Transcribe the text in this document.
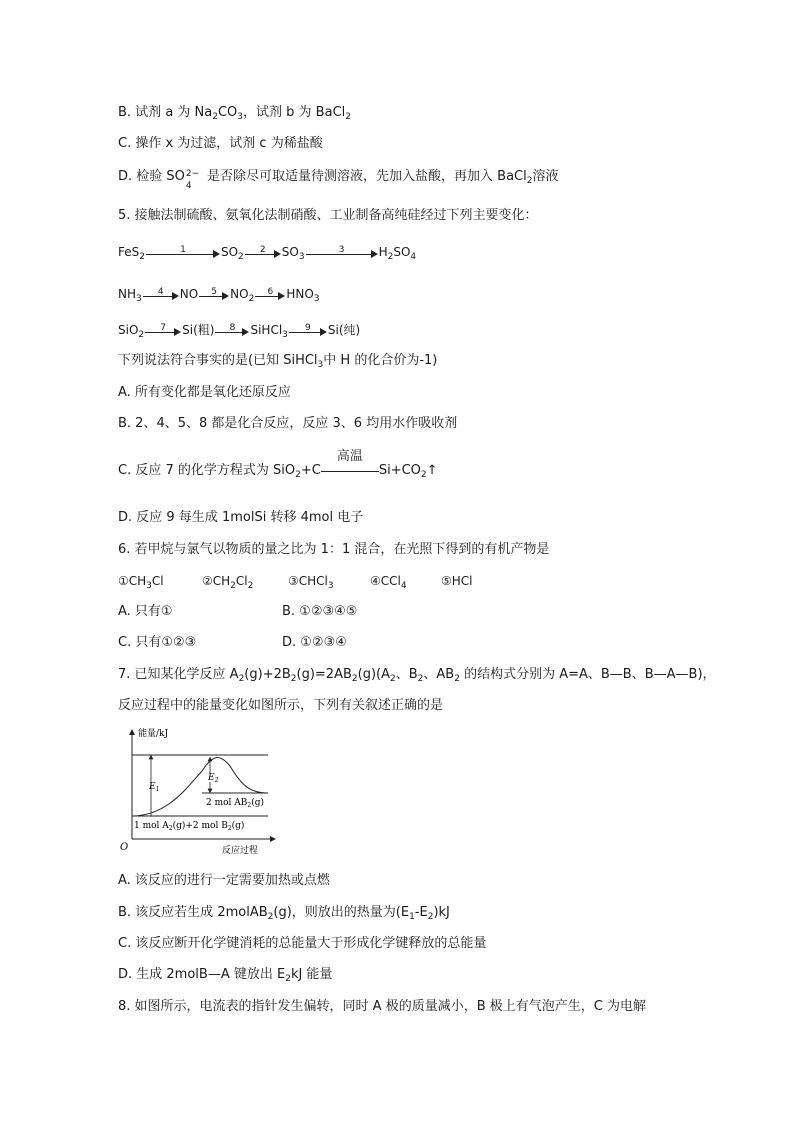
B. 试剂 a 为 $Na_2CO_3$，试剂 b 为 BaCl$_2$
C. 操作 x 为过滤，试剂 c 为稀盐酸
D. 检验 SO 2−
4
是否除尽可取适量待测溶液，先加入盐酸，再加入 BaCl$_2$溶液
5. 接触法制硫酸、氨氧化法制硝酸、工业制备高纯硅经过下列主要变化：
FeS$_2$
1	$SO_2$
2	$SO_3$
3	$H_2SO_4$
$NH_3$
4	NO	5	$NO_2$
6	$HNO_3$
SiO$_2$
7	Si(粗)	8	SiHCl$_3$
9	Si(纯)
下列说法符合事实的是(已知 SiHCl$_3$中 H 的化合价为-1)
A. 所有变化都是氧化还原反应
B. 2、4、5、8 都是化合反应，反应 3、6 均用水作吸收剂
C. 反应 7 的化学方程式为 SiO$_2$+C
高温
$Si+CO_2↑$
D. 反应 9 每生成 1molSi 转移 4mol 电子
6. 若甲烷与氯气以物质的量之比为 1：1 混合，在光照下得到的有机产物是
$①CH_3Cl$	$②CH_2Cl_2$	③CHCl$_3$	④CCl$_4$	⑤HCl
A. 只有①	B. ①②③④⑤
C. 只有①②③	D. ①②③④
7. 已知某化学反应 $A_2(g)+2B_2(g)=2AB_2(g)(A_2$、$B_2$、$AB_2$ 的结构式分别为 A=A、B—B、B—A—B)，
反应过程中的能量变化如图所示，下列有关叙述正确的是
能量/kJ
反应过程
O
$E_1$
$E_2$
2 mol $AB_2(g)$
1 mol $A_2(g)+2$ mol $B_2(g)$
A. 该反应的进行一定需要加热或点燃
B. 该反应若生成 2molAB$_2$(g)，则放出的热量为$(E_1-E_2)kJ$
C. 该反应断开化学键消耗的总能量大于形成化学键释放的总能量
D. 生成 2molB—A 键放出 $E_2kJ$ 能量
8. 如图所示，电流表的指针发生偏转，同时 A 极的质量减小，B 极上有气泡产生，C 为电解
